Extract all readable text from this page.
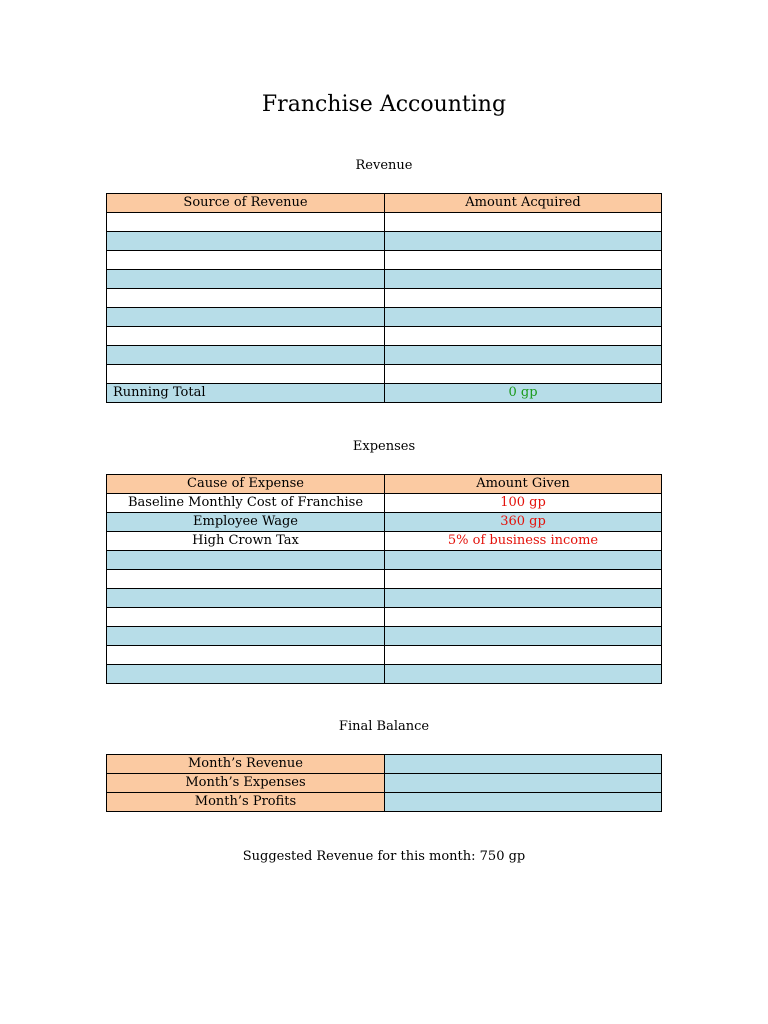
Franchise Accounting
Revenue
Source of Revenue	Amount Acquired

Running Total	0 gp
Expenses
Cause of Expense	Amount Given
Baseline Monthly Cost of Franchise	100 gp
Employee Wage	360 gp
High Crown Tax	5% of business income

Final Balance
Month’s Revenue	
Month’s Expenses	
Month’s Profits	
Suggested Revenue for this month: 750 gp
